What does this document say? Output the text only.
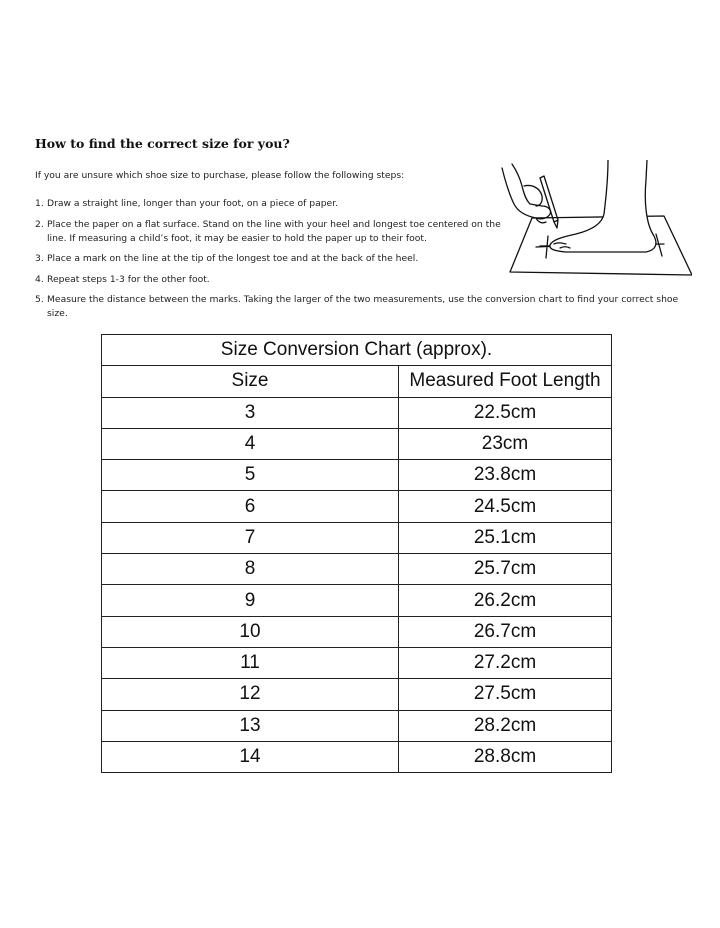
How to find the correct size for you?

If you are unsure which shoe size to purchase, please follow the following steps:

1. Draw a straight line, longer than your foot, on a piece of paper.
2. Place the paper on a flat surface. Stand on the line with your heel and longest toe centered on the line. If measuring a child’s foot, it may be easier to hold the paper up to their foot.
3. Place a mark on the line at the tip of the longest toe and at the back of the heel.
4. Repeat steps 1-3 for the other foot.
5. Measure the distance between the marks. Taking the larger of the two measurements, use the conversion chart to find your correct shoe size.
Size Conversion Chart (approx).	
Size	Measured Foot Length
3	22.5cm
4	23cm
5	23.8cm
6	24.5cm
7	25.1cm
8	25.7cm
9	26.2cm
10	26.7cm
11	27.2cm
12	27.5cm
13	28.2cm
14	28.8cm
